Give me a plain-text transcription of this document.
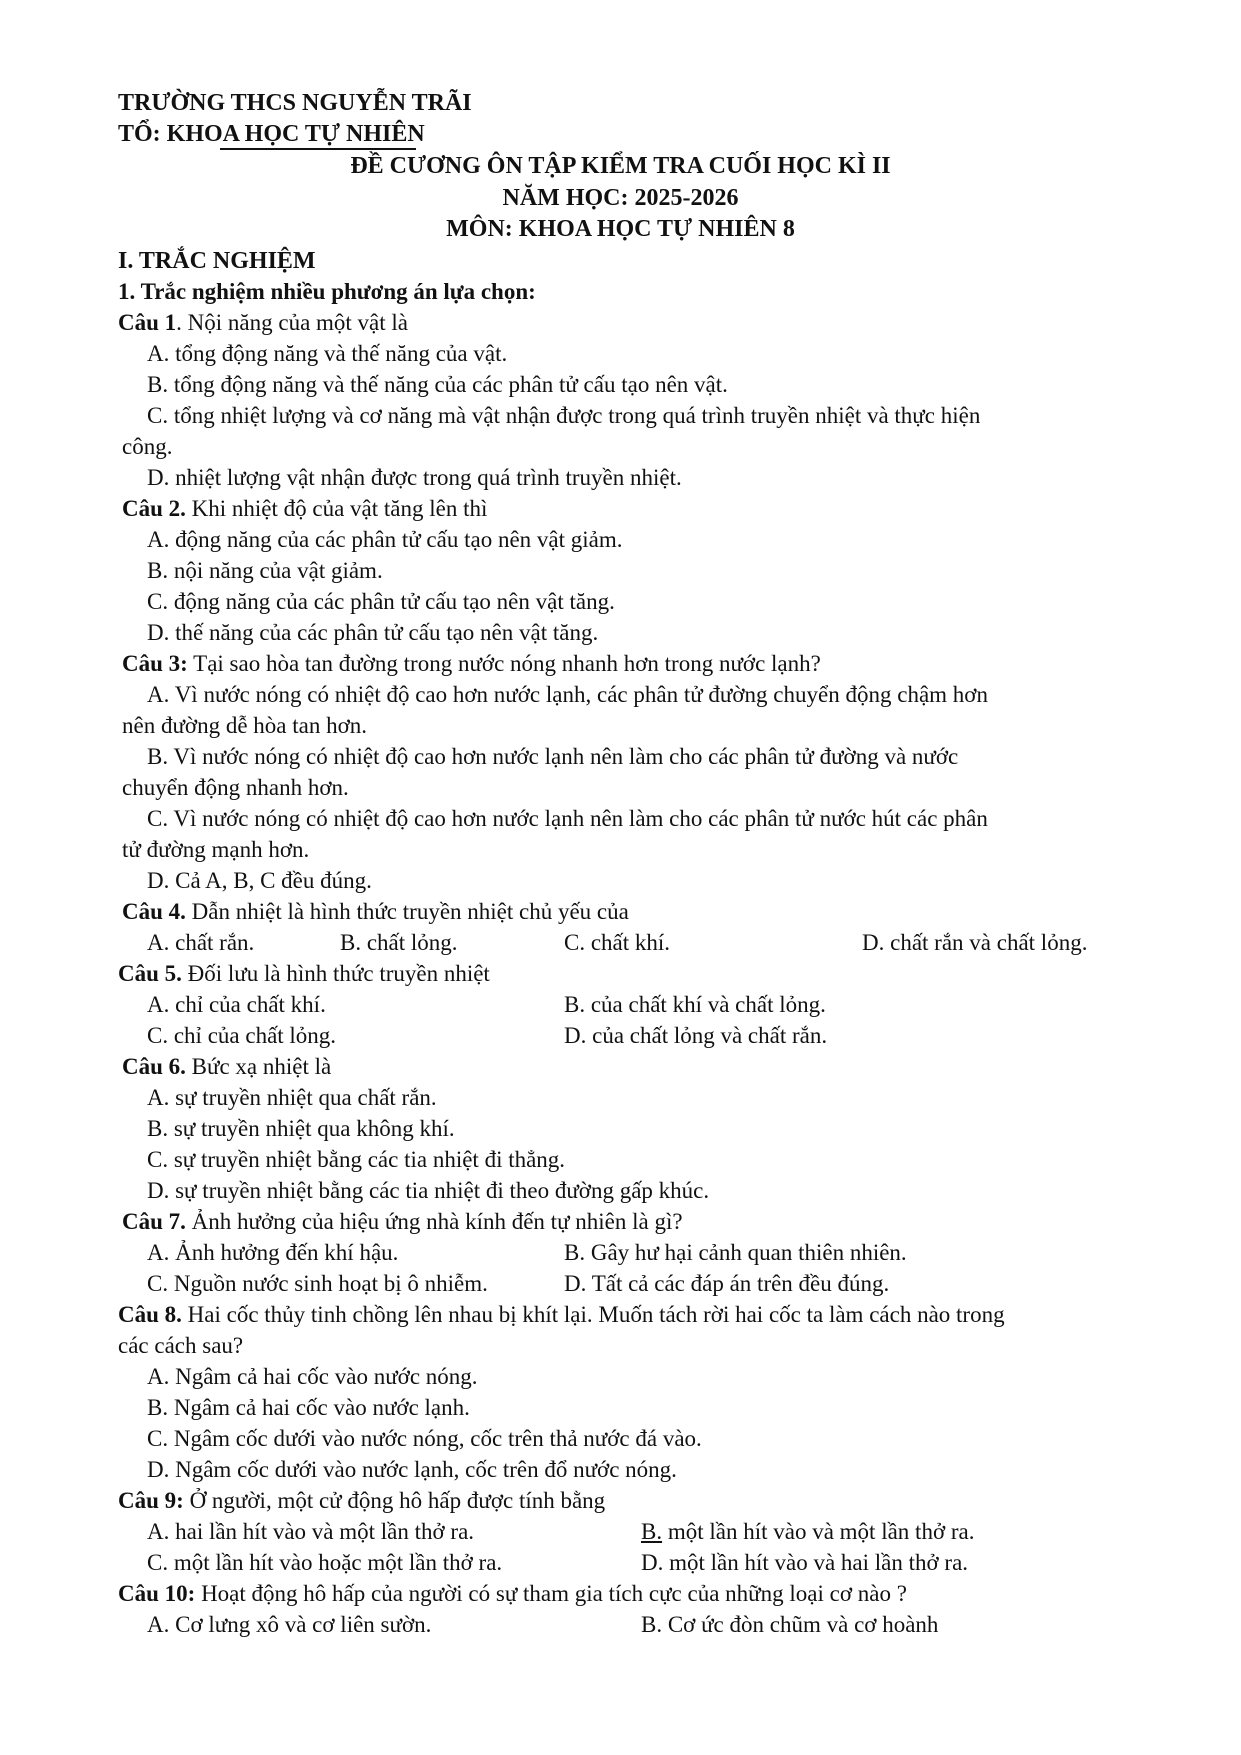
TRƯỜNG THCS NGUYỄN TRÃI
TỔ: KHOA HỌC TỰ NHIÊN
ĐỀ CƯƠNG ÔN TẬP KIỂM TRA CUỐI HỌC KÌ II
NĂM HỌC: 2025-2026
MÔN: KHOA HỌC TỰ NHIÊN 8
I. TRẮC NGHIỆM
1. Trắc nghiệm nhiều phương án lựa chọn:
Câu 1. Nội năng của một vật là
A. tổng động năng và thế năng của vật.
B. tổng động năng và thế năng của các phân tử cấu tạo nên vật.
C. tổng nhiệt lượng và cơ năng mà vật nhận được trong quá trình truyền nhiệt và thực hiện
công.
D. nhiệt lượng vật nhận được trong quá trình truyền nhiệt.
Câu 2. Khi nhiệt độ của vật tăng lên thì
A. động năng của các phân tử cấu tạo nên vật giảm.
B. nội năng của vật giảm.
C. động năng của các phân tử cấu tạo nên vật tăng.
D. thế năng của các phân tử cấu tạo nên vật tăng.
Câu 3: Tại sao hòa tan đường trong nước nóng nhanh hơn trong nước lạnh?
A. Vì nước nóng có nhiệt độ cao hơn nước lạnh, các phân tử đường chuyển động chậm hơn
nên đường dễ hòa tan hơn.
B. Vì nước nóng có nhiệt độ cao hơn nước lạnh nên làm cho các phân tử đường và nước
chuyển động nhanh hơn.
C. Vì nước nóng có nhiệt độ cao hơn nước lạnh nên làm cho các phân tử nước hút các phân
tử đường mạnh hơn.
D. Cả A, B, C đều đúng.
Câu 4. Dẫn nhiệt là hình thức truyền nhiệt chủ yếu của
A. chất rắn.	B. chất lỏng.	C. chất khí.	D. chất rắn và chất lỏng.
Câu 5. Đối lưu là hình thức truyền nhiệt
A. chỉ của chất khí.	B. của chất khí và chất lỏng.
C. chỉ của chất lỏng.	D. của chất lỏng và chất rắn.
Câu 6. Bức xạ nhiệt là
A. sự truyền nhiệt qua chất rắn.
B. sự truyền nhiệt qua không khí.
C. sự truyền nhiệt bằng các tia nhiệt đi thẳng.
D. sự truyền nhiệt bằng các tia nhiệt đi theo đường gấp khúc.
Câu 7. Ảnh hưởng của hiệu ứng nhà kính đến tự nhiên là gì?
A. Ảnh hưởng đến khí hậu.	B. Gây hư hại cảnh quan thiên nhiên.
C. Nguồn nước sinh hoạt bị ô nhiễm.	D. Tất cả các đáp án trên đều đúng.
Câu 8. Hai cốc thủy tinh chồng lên nhau bị khít lại. Muốn tách rời hai cốc ta làm cách nào trong
các cách sau?
A. Ngâm cả hai cốc vào nước nóng.
B. Ngâm cả hai cốc vào nước lạnh.
C. Ngâm cốc dưới vào nước nóng, cốc trên thả nước đá vào.
D. Ngâm cốc dưới vào nước lạnh, cốc trên đổ nước nóng.
Câu 9: Ở người, một cử động hô hấp được tính bằng
A. hai lần hít vào và một lần thở ra.	B. một lần hít vào và một lần thở ra.
C. một lần hít vào hoặc một lần thở ra.	D. một lần hít vào và hai lần thở ra.
Câu 10: Hoạt động hô hấp của người có sự tham gia tích cực của những loại cơ nào ?
A. Cơ lưng xô và cơ liên sườn.	B. Cơ ức đòn chũm và cơ hoành
